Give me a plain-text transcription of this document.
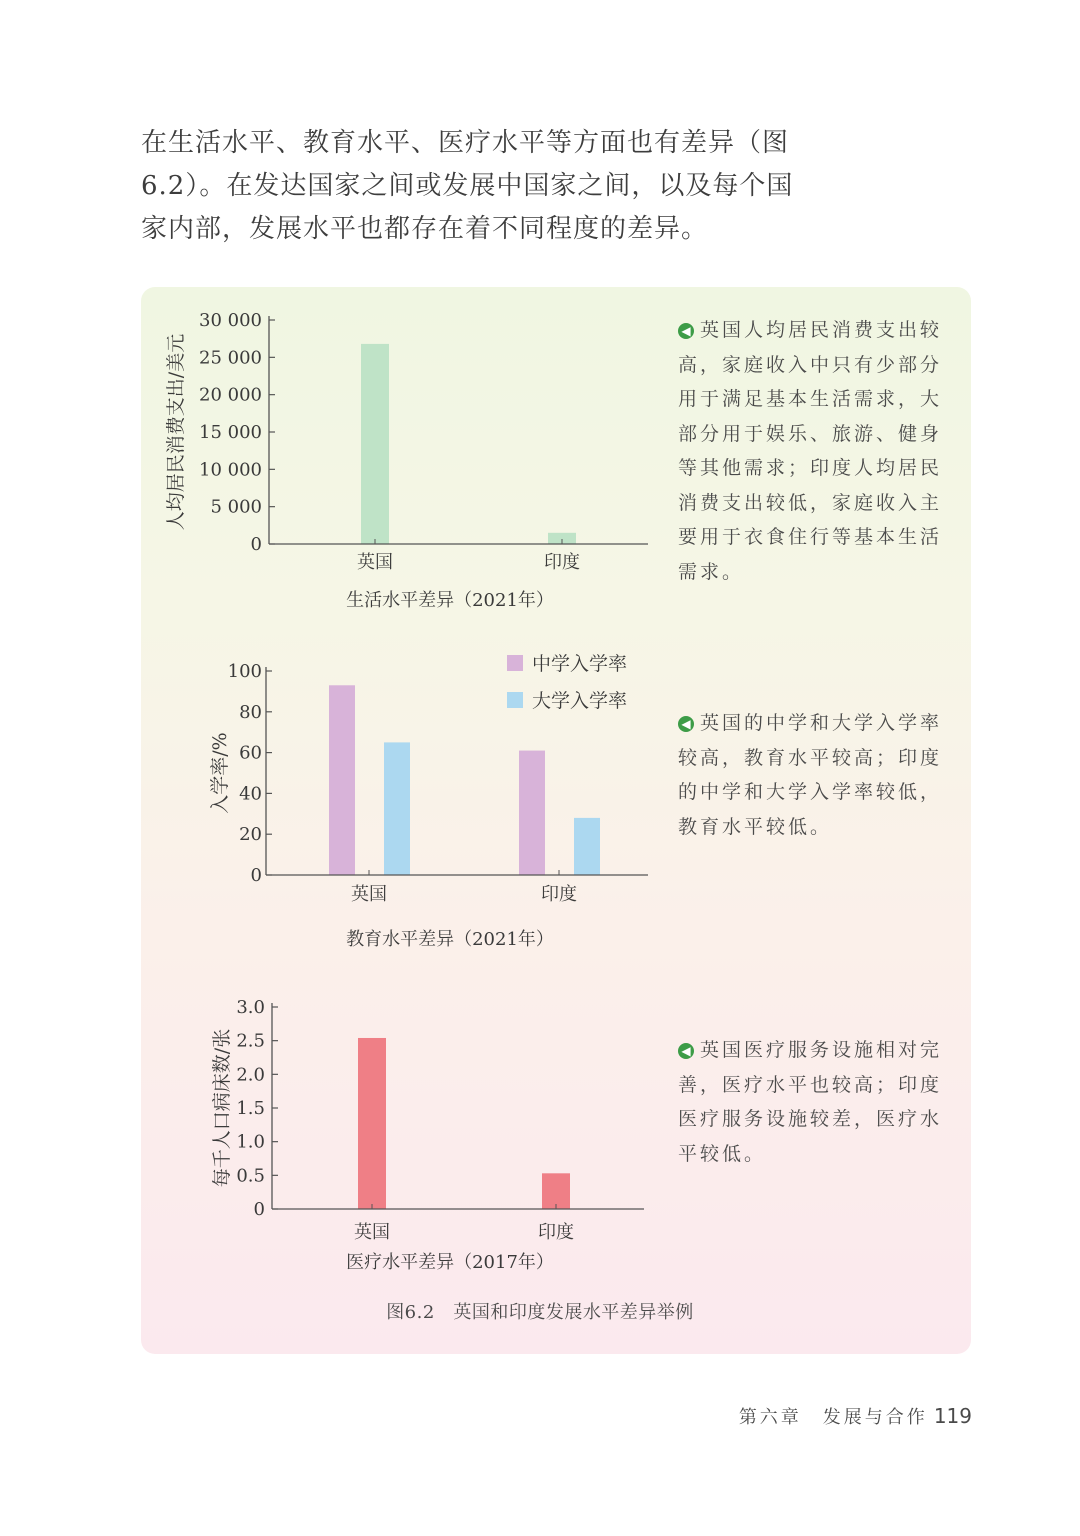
在生活水平、教育水平、医疗水平等方面也有差异（图
6.2）。在发达国家之间或发展中国家之间，以及每个国
家内部，发展水平也都存在着不同程度的差异。

0
5 000
10 000
15 000
20 000
25 000
30 000
英国	印度
人均居民消费支出/美元
生活水平差异（2021年）
0
20
40
60
80
100
英国	印度
入学率/%
教育水平差异（2021年）
中学入学率
大学入学率
0
0.5
1.0
1.5
2.0
2.5
3.0
英国	印度
每千人口病床数/张
医疗水平差异（2017年）
◀ 英国人均居民消费支出较高，家庭收入中只有少部分用于满足基本生活需求，大部分用于娱乐、旅游、健身等其他需求；印度人均居民消费支出较低，家庭收入主要用于衣食住行等基本生活需求。
◀ 英国的中学和大学入学率较高，教育水平较高；印度的中学和大学入学率较低，教育水平较低。
◀ 英国医疗服务设施相对完善，医疗水平也较高；印度医疗服务设施较差，医疗水平较低。
图6.2　英国和印度发展水平差异举例
第六章　发展与合作 119
